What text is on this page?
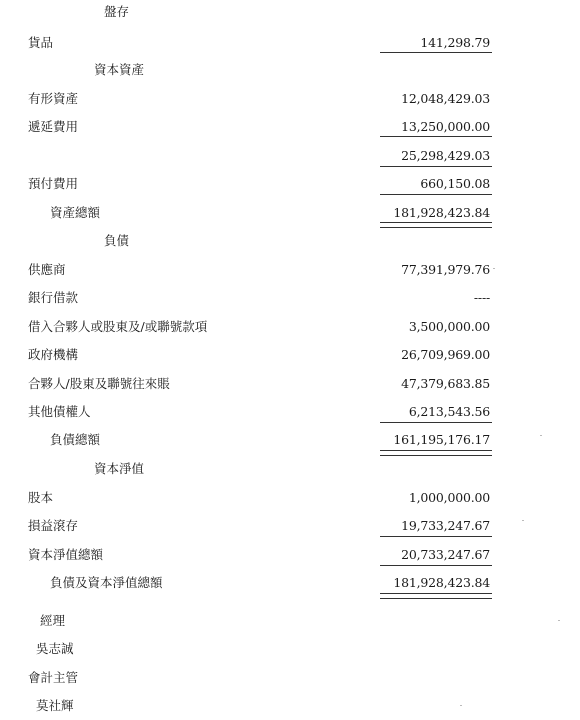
盤存
貨品	141,298.79
資本資產
有形資產	12,048,429.03
遞延費用	13,250,000.00
25,298,429.03
預付費用	660,150.08
資產總額	181,928,423.84
負債
供應商	77,391,979.76
銀行借款	----
借入合夥人或股東及/或聯號款項	3,500,000.00
政府機構	26,709,969.00
合夥人/股東及聯號往來賬	47,379,683.85
其他債權人	6,213,543.56
負債總額	161,195,176.17
資本淨值
股本	1,000,000.00
損益滾存	19,733,247.67
資本淨值總額	20,733,247.67
負債及資本淨值總額	181,928,423.84
經理
吳志誠
會計主管
莫社輝
